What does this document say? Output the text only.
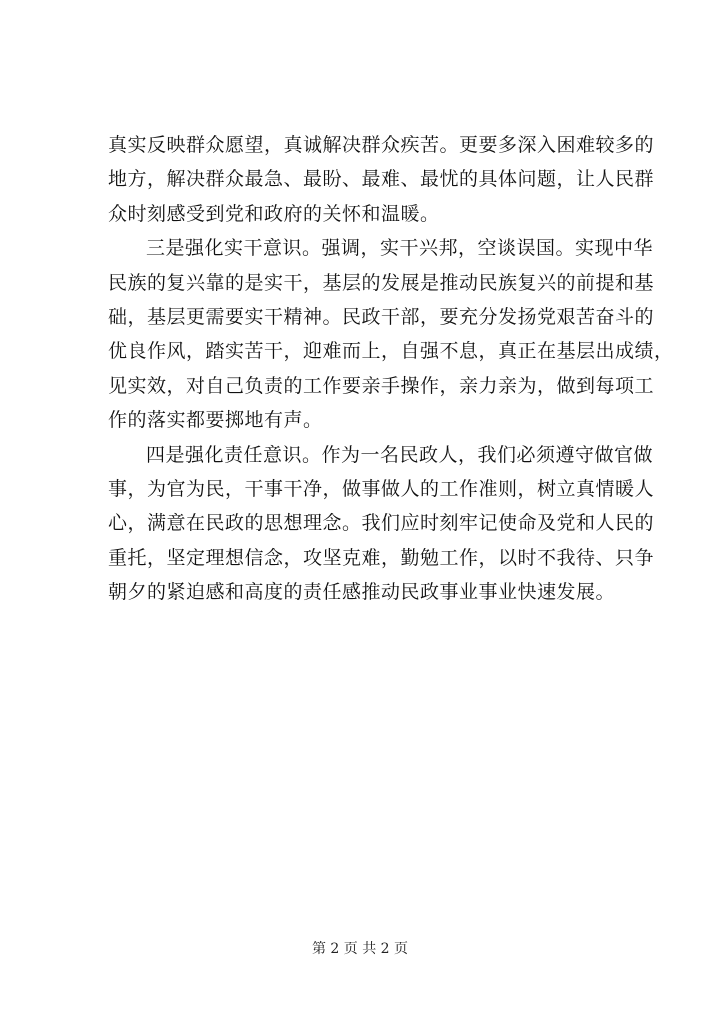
真实反映群众愿望，真诚解决群众疾苦。更要多深入困难较多的
地方，解决群众最急、最盼、最难、最忧的具体问题，让人民群
众时刻感受到党和政府的关怀和温暖。
三是强化实干意识。强调，实干兴邦，空谈误国。实现中华
民族的复兴靠的是实干，基层的发展是推动民族复兴的前提和基
础，基层更需要实干精神。民政干部，要充分发扬党艰苦奋斗的
优良作风，踏实苦干，迎难而上，自强不息，真正在基层出成绩，
见实效，对自己负责的工作要亲手操作，亲力亲为，做到每项工
作的落实都要掷地有声。
四是强化责任意识。作为一名民政人，我们必须遵守做官做
事，为官为民，干事干净，做事做人的工作准则，树立真情暖人
心，满意在民政的思想理念。我们应时刻牢记使命及党和人民的
重托，坚定理想信念，攻坚克难，勤勉工作，以时不我待、只争
朝夕的紧迫感和高度的责任感推动民政事业事业快速发展。
第 2 页 共 2 页
